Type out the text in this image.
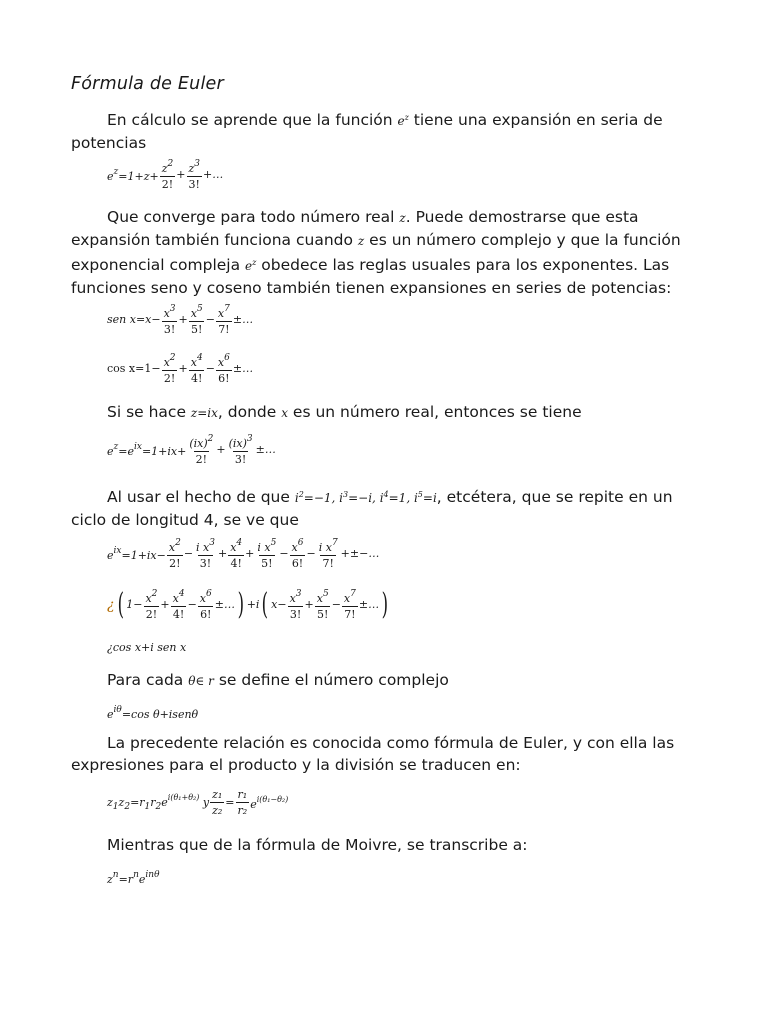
Fórmula de Euler

En cálculo se aprende que la función $e^z$ tiene una expansión en seria de potencias

$e^z=1+z+ \frac{z^2}{2!} + \frac{z^3}{3!}$ +…

Que converge para todo número real z. Puede demostrarse que esta expansión también funciona cuando z es un número complejo y que la función exponencial compleja $e^z$ obedece las reglas usuales para los exponentes. Las funciones seno y coseno también tienen expansiones en series de potencias:

sen $x=x- \frac{x^3}{3!} + \frac{x^5}{5!} - \frac{x^7}{7!}$ ±…
$\cos x=1- \frac{x^2}{2!} + \frac{x^4}{4!} - \frac{x^6}{6!}$ ±…

Si se hace z=ix, donde x es un número real, entonces se tiene

$e^z=e^{ix}=1+ix+ \frac{(ix)^2}{2!} + \frac{(ix)^3}{3!}$ ±…

Al usar el hecho de que $i^2=-1$, $i^3=-i$, $i^4=1$, $i^5=i$, etcétera, que se repite en un ciclo de longitud 4, se ve que

$e^{ix}=1+ix- \frac{x^2}{2!} - \frac{i x^3}{3!} + \frac{x^4}{4!} + \frac{i x^5}{5!} - \frac{x^6}{6!} - \frac{i x^7}{7!}$ +±−…
¿ ( $1- \frac{x^2}{2!} + \frac{x^4}{4!} - \frac{x^6}{6!}$ ±… ) +i ( $x- \frac{x^3}{3!} + \frac{x^5}{5!} - \frac{x^7}{7!}$ ±… )
¿cos x+i sen x

Para cada θ∈ r se define el número complejo

$e^{i\theta}=\cos$ θ+isenθ

La precedente relación es conocida como fórmula de Euler, y con ella las expresiones para el producto y la división se traducen en:

$z_1z_2=r_1r_2e^{i(\theta_1+\theta_2)}$ y $\frac{\text{z₁}}{\text{z₂}} = \frac{\text{r₁}}{\text{r₂}} e^{i(\theta_1-\theta_2)}$

Mientras que de la fórmula de Moivre, se transcribe a:

$z^n=r^ne^{in\theta}$
